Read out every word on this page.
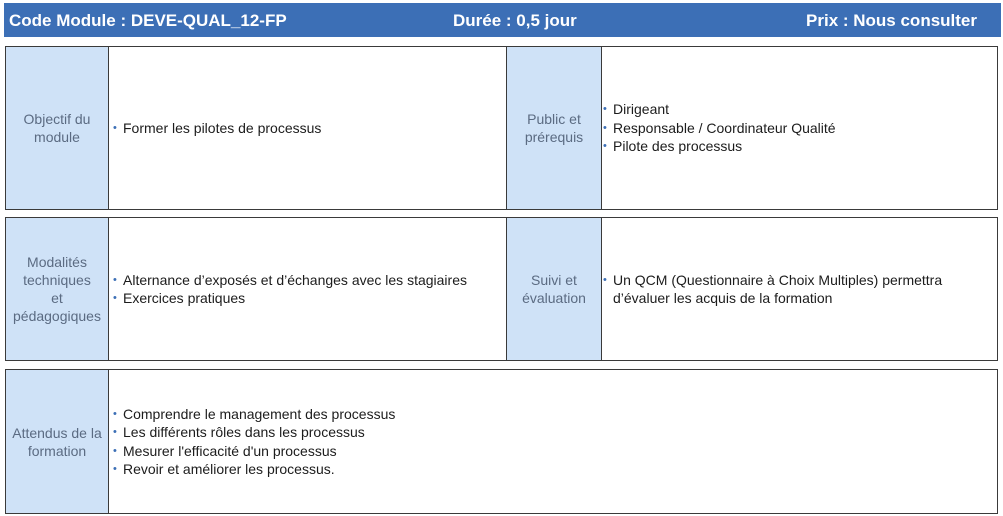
Code Module : DEVE-QUAL_12-FP	Durée : 0,5 jour	Prix : Nous consulter
Objectif du
module
• Former les pilotes de processus
Public et
prérequis
• Dirigeant
• Responsable / Coordinateur Qualité
• Pilote des processus
Modalités
techniques
et
pédagogiques
• Alternance d’exposés et d’échanges avec les stagiaires
• Exercices pratiques
Suivi et
évaluation
• Un QCM (Questionnaire à Choix Multiples) permettra d’évaluer les acquis de la formation
Attendus de la
formation
• Comprendre le management des processus
• Les différents rôles dans les processus
• Mesurer l'efficacité d'un processus
• Revoir et améliorer les processus.
